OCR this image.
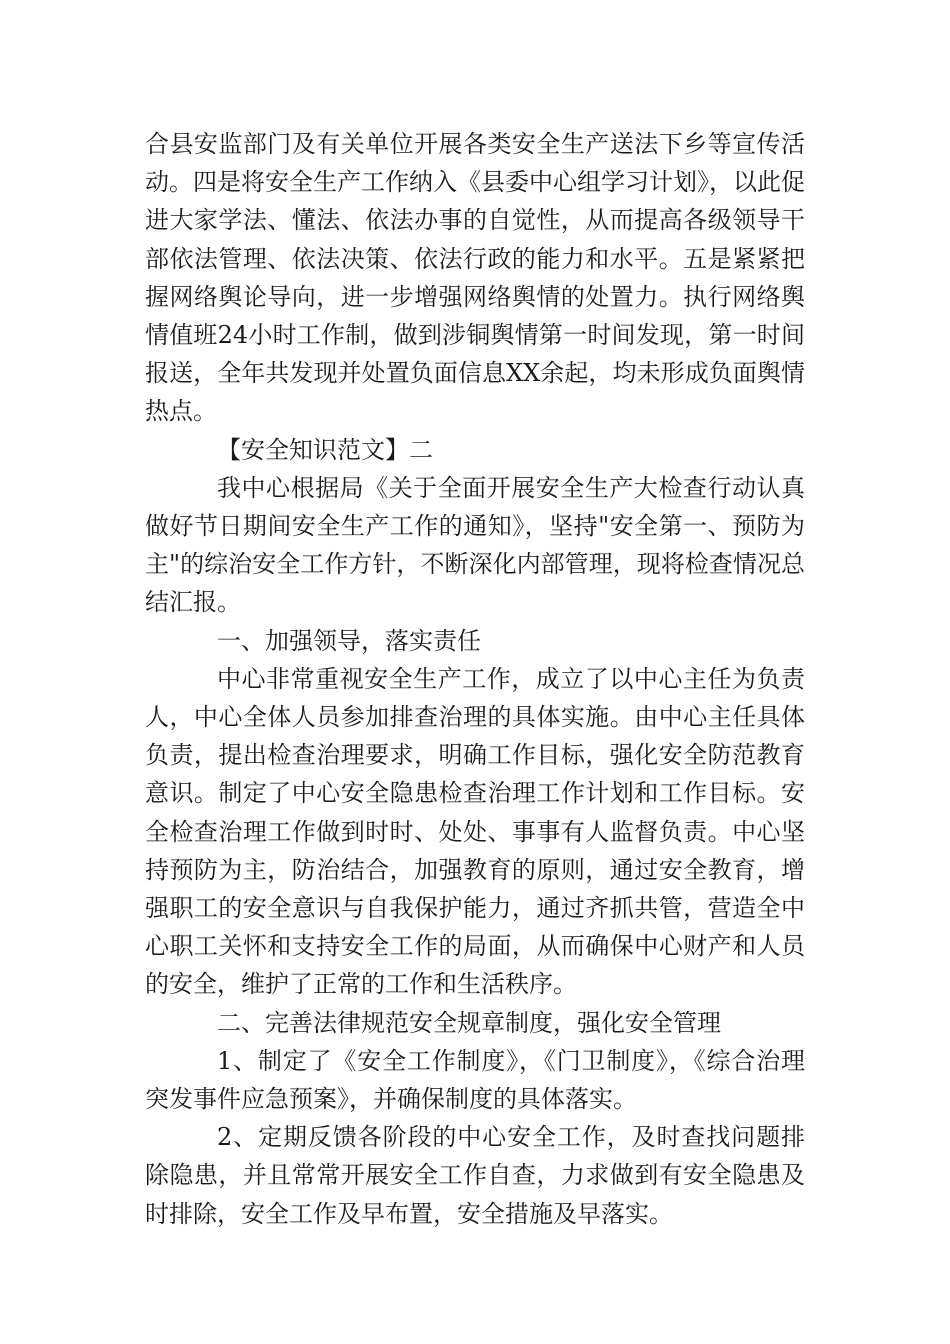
合县安监部门及有关单位开展各类安全生产送法下乡等宣传活动。四是将安全生产工作纳入《县委中心组学习计划》，以此促进大家学法、懂法、依法办事的自觉性，从而提高各级领导干部依法管理、依法决策、依法行政的能力和水平。五是紧紧把握网络舆论导向，进一步增强网络舆情的处置力。执行网络舆情值班24小时工作制，做到涉铜舆情第一时间发现，第一时间报送，全年共发现并处置负面信息XX余起，均未形成负面舆情热点。

【安全知识范文】二

我中心根据局《关于全面开展安全生产大检查行动认真做好节日期间安全生产工作的通知》，坚持"安全第一、预防为主"的综治安全工作方针，不断深化内部管理，现将检查情况总结汇报。

一、加强领导，落实责任

中心非常重视安全生产工作，成立了以中心主任为负责人，中心全体人员参加排查治理的具体实施。由中心主任具体负责，提出检查治理要求，明确工作目标，强化安全防范教育意识。制定了中心安全隐患检查治理工作计划和工作目标。安全检查治理工作做到时时、处处、事事有人监督负责。中心坚持预防为主，防治结合，加强教育的原则，通过安全教育，增强职工的安全意识与自我保护能力，通过齐抓共管，营造全中心职工关怀和支持安全工作的局面，从而确保中心财产和人员的安全，维护了正常的工作和生活秩序。

二、完善法律规范安全规章制度，强化安全管理

1、制定了《安全工作制度》，《门卫制度》，《综合治理突发事件应急预案》，并确保制度的具体落实。

2、定期反馈各阶段的中心安全工作，及时查找问题排除隐患，并且常常开展安全工作自查，力求做到有安全隐患及时排除，安全工作及早布置，安全措施及早落实。
